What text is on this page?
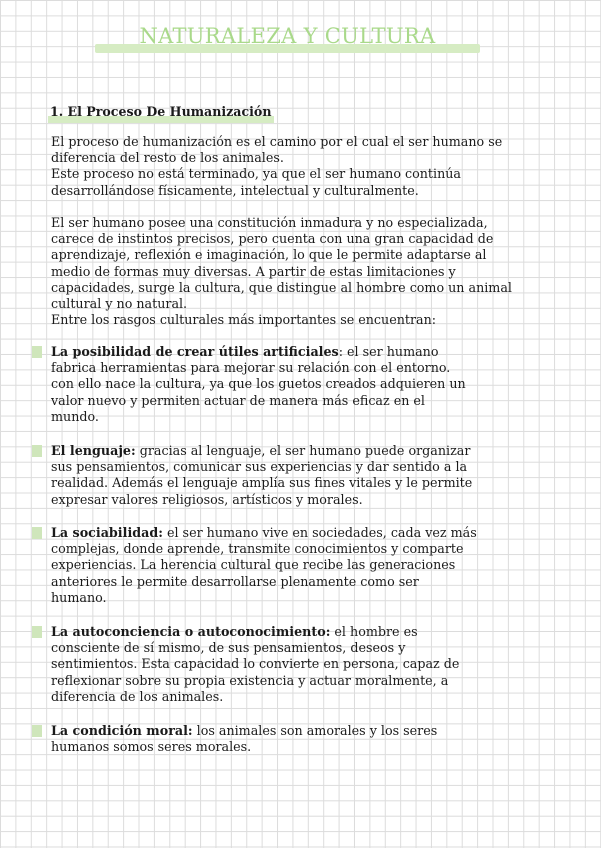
NATURALEZA Y CULTURA
1. El Proceso De Humanización
El proceso de humanización es el camino por el cual el ser humano se
diferencia del resto de los animales.
Este proceso no está terminado, ya que el ser humano continúa
desarrollándose físicamente, intelectual y culturalmente.
El ser humano posee una constitución inmadura y no especializada,
carece de instintos precisos, pero cuenta con una gran capacidad de
aprendizaje, reflexión e imaginación, lo que le permite adaptarse al
medio de formas muy diversas. A partir de estas limitaciones y
capacidades, surge la cultura, que distingue al hombre como un animal
cultural y no natural.
Entre los rasgos culturales más importantes se encuentran:
La posibilidad de crear útiles artificiales: el ser humano
fabrica herramientas para mejorar su relación con el entorno.
con ello nace la cultura, ya que los guetos creados adquieren un
valor nuevo y permiten actuar de manera más eficaz en el
mundo.
El lenguaje: gracias al lenguaje, el ser humano puede organizar
sus pensamientos, comunicar sus experiencias y dar sentido a la
realidad. Además el lenguaje amplía sus fines vitales y le permite
expresar valores religiosos, artísticos y morales.
La sociabilidad: el ser humano vive en sociedades, cada vez más
complejas, donde aprende, transmite conocimientos y comparte
experiencias. La herencia cultural que recibe las generaciones
anteriores le permite desarrollarse plenamente como ser
humano.
La autoconciencia o autoconocimiento: el hombre es
consciente de sí mismo, de sus pensamientos, deseos y
sentimientos. Esta capacidad lo convierte en persona, capaz de
reflexionar sobre su propia existencia y actuar moralmente, a
diferencia de los animales.
La condición moral: los animales son amorales y los seres
humanos somos seres morales.
